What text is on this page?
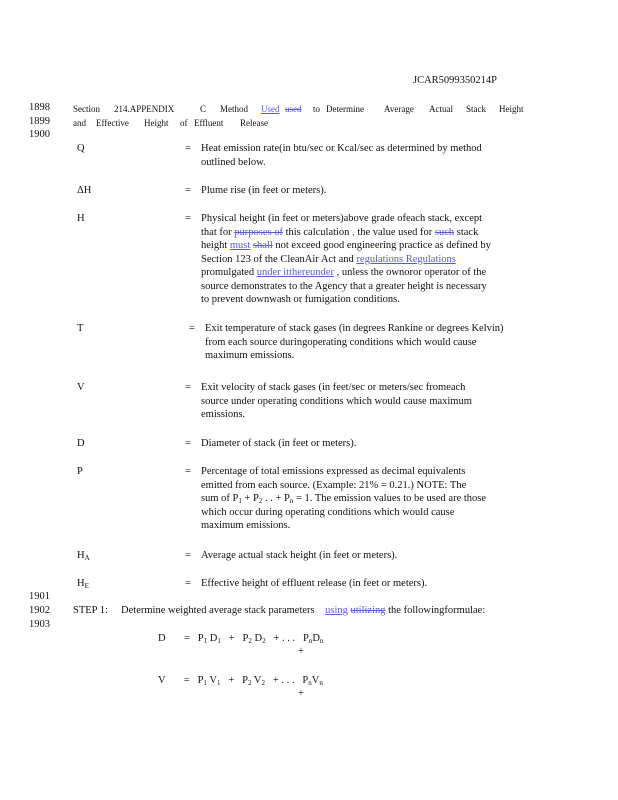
JCAR5099350214P
1898
1899
1900
1901
1902
1903
Section 214.APPENDIX	C Method Used used to Determine Average Actual Stack Height
and Effective Height of Effluent Release
Q	= Heat emission rate(in btu/sec or Kcal/sec as determined by method
outlined below.
ΔH	= Plume rise (in feet or meters).
H	= Physical height (in feet or meters)above grade ofeach stack, except
that for purposes of this calculation , the value used for such stack
height must shall not exceed good engineering practice as defined by
Section 123 of the CleanAir Act and regulations Regulations
promulgated under itthereunder , unless the ownoror operator of the
source demonstrates to the Agency that a greater height is necessary
to prevent downwash or fumigation conditions.
T	= Exit temperature of stack gases (in degrees Rankine or degrees Kelvin)
from each source duringoperating conditions which would cause
maximum emissions.
V	= Exit velocity of stack gases (in feet/sec or meters/sec fromeach
source under operating conditions which would cause maximum
emissions.
D	= Diameter of stack (in feet or meters).
P	= Percentage of total emissions expressed as decimal equivalents
emitted from each source. (Example: 21% = 0.21.) NOTE: The
sum of $P_1 + P_2$ . . + $P_n = 1$. The emission values to be used are those
which occur during operating conditions which would cause
maximum emissions.
$H_A$	= Average actual stack height (in feet or meters).
$H_E$	= Effective height of effluent release (in feet or meters).
STEP 1: Determine weighted average stack parameters using utilizing the followingformulae:
$D = P_1$ $D_1 + P_2$ $D_2$ + . . . $P_nD_n$
+
$V = P_1$ $V_1 + P_2$ $V_2$ + . . . $P_nV_n$
+
